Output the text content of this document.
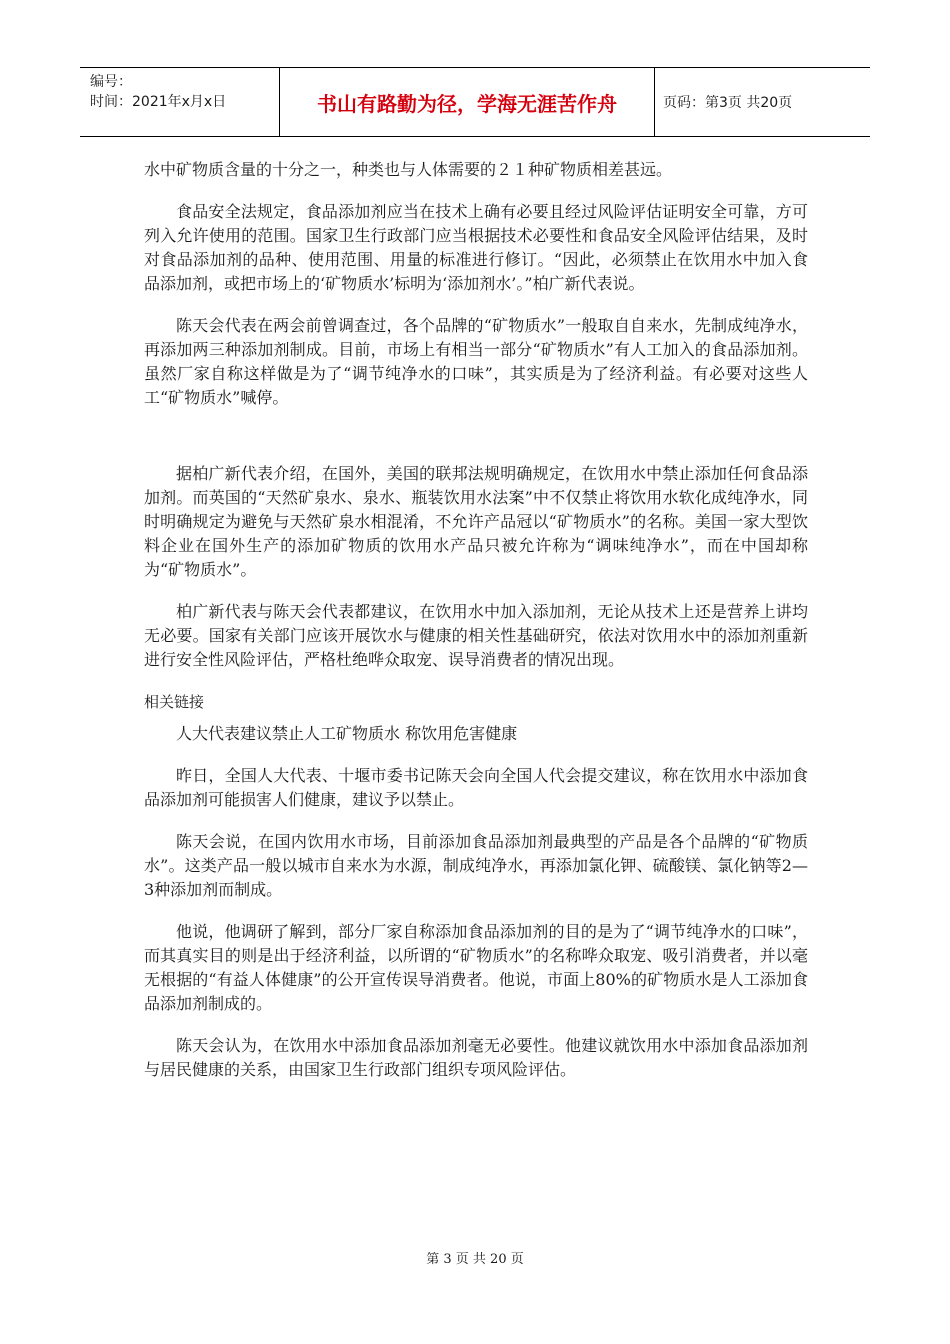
编号：
时间：2021年x月x日	书山有路勤为径，学海无涯苦作舟	页码：第3页 共20页

水中矿物质含量的十分之一，种类也与人体需要的２１种矿物质相差甚远。

食品安全法规定，食品添加剂应当在技术上确有必要且经过风险评估证明安全可靠，方可列入允许使用的范围。国家卫生行政部门应当根据技术必要性和食品安全风险评估结果，及时对食品添加剂的品种、使用范围、用量的标准进行修订。“因此，必须禁止在饮用水中加入食品添加剂，或把市场上的‘矿物质水’标明为‘添加剂水’。”柏广新代表说。

陈天会代表在两会前曾调查过，各个品牌的“矿物质水”一般取自自来水，先制成纯净水，再添加两三种添加剂制成。目前，市场上有相当一部分“矿物质水”有人工加入的食品添加剂。虽然厂家自称这样做是为了“调节纯净水的口味”，其实质是为了经济利益。有必要对这些人工“矿物质水”喊停。

据柏广新代表介绍，在国外，美国的联邦法规明确规定，在饮用水中禁止添加任何食品添加剂。而英国的“天然矿泉水、泉水、瓶装饮用水法案”中不仅禁止将饮用水软化成纯净水，同时明确规定为避免与天然矿泉水相混淆，不允许产品冠以“矿物质水”的名称。美国一家大型饮料企业在国外生产的添加矿物质的饮用水产品只被允许称为“调味纯净水”，而在中国却称为“矿物质水”。

柏广新代表与陈天会代表都建议，在饮用水中加入添加剂，无论从技术上还是营养上讲均无必要。国家有关部门应该开展饮水与健康的相关性基础研究，依法对饮用水中的添加剂重新进行安全性风险评估，严格杜绝哗众取宠、误导消费者的情况出现。

相关链接

人大代表建议禁止人工矿物质水 称饮用危害健康

昨日，全国人大代表、十堰市委书记陈天会向全国人代会提交建议，称在饮用水中添加食品添加剂可能损害人们健康，建议予以禁止。

陈天会说，在国内饮用水市场，目前添加食品添加剂最典型的产品是各个品牌的“矿物质水”。这类产品一般以城市自来水为水源，制成纯净水，再添加氯化钾、硫酸镁、氯化钠等2—3种添加剂而制成。

他说，他调研了解到，部分厂家自称添加食品添加剂的目的是为了“调节纯净水的口味”，而其真实目的则是出于经济利益，以所谓的“矿物质水”的名称哗众取宠、吸引消费者，并以毫无根据的“有益人体健康”的公开宣传误导消费者。他说，市面上80%的矿物质水是人工添加食品添加剂制成的。

陈天会认为，在饮用水中添加食品添加剂毫无必要性。他建议就饮用水中添加食品添加剂与居民健康的关系，由国家卫生行政部门组织专项风险评估。

第 3 页 共 20 页
